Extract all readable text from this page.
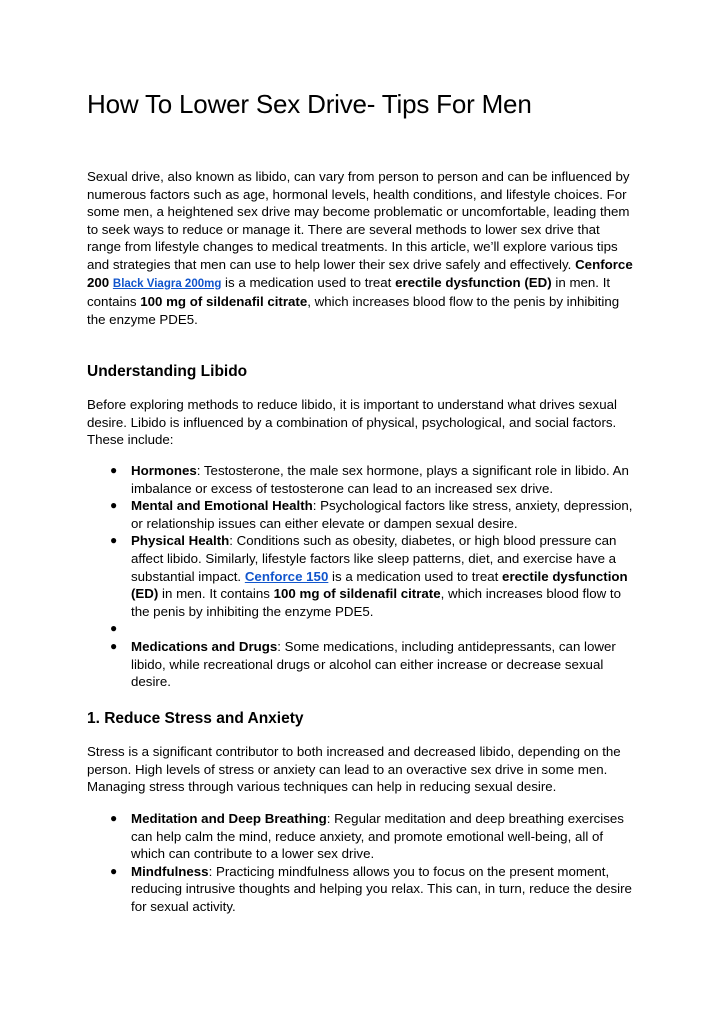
How To Lower Sex Drive- Tips For Men

Sexual drive, also known as libido, can vary from person to person and can be influenced by numerous factors such as age, hormonal levels, health conditions, and lifestyle choices. For some men, a heightened sex drive may become problematic or uncomfortable, leading them to seek ways to reduce or manage it. There are several methods to lower sex drive that range from lifestyle changes to medical treatments. In this article, we’ll explore various tips and strategies that men can use to help lower their sex drive safely and effectively. Cenforce 200 Black Viagra 200mg is a medication used to treat erectile dysfunction (ED) in men. It contains 100 mg of sildenafil citrate, which increases blood flow to the penis by inhibiting the enzyme PDE5.

Understanding Libido

Before exploring methods to reduce libido, it is important to understand what drives sexual desire. Libido is influenced by a combination of physical, psychological, and social factors. These include:

● Hormones: Testosterone, the male sex hormone, plays a significant role in libido. An imbalance or excess of testosterone can lead to an increased sex drive.
● Mental and Emotional Health: Psychological factors like stress, anxiety, depression, or relationship issues can either elevate or dampen sexual desire.
● Physical Health: Conditions such as obesity, diabetes, or high blood pressure can affect libido. Similarly, lifestyle factors like sleep patterns, diet, and exercise have a substantial impact. Cenforce 150 is a medication used to treat erectile dysfunction (ED) in men. It contains 100 mg of sildenafil citrate, which increases blood flow to the penis by inhibiting the enzyme PDE5.
●
● Medications and Drugs: Some medications, including antidepressants, can lower libido, while recreational drugs or alcohol can either increase or decrease sexual desire.
1. Reduce Stress and Anxiety

Stress is a significant contributor to both increased and decreased libido, depending on the person. High levels of stress or anxiety can lead to an overactive sex drive in some men. Managing stress through various techniques can help in reducing sexual desire.

● Meditation and Deep Breathing: Regular meditation and deep breathing exercises can help calm the mind, reduce anxiety, and promote emotional well-being, all of which can contribute to a lower sex drive.
● Mindfulness: Practicing mindfulness allows you to focus on the present moment, reducing intrusive thoughts and helping you relax. This can, in turn, reduce the desire for sexual activity.
